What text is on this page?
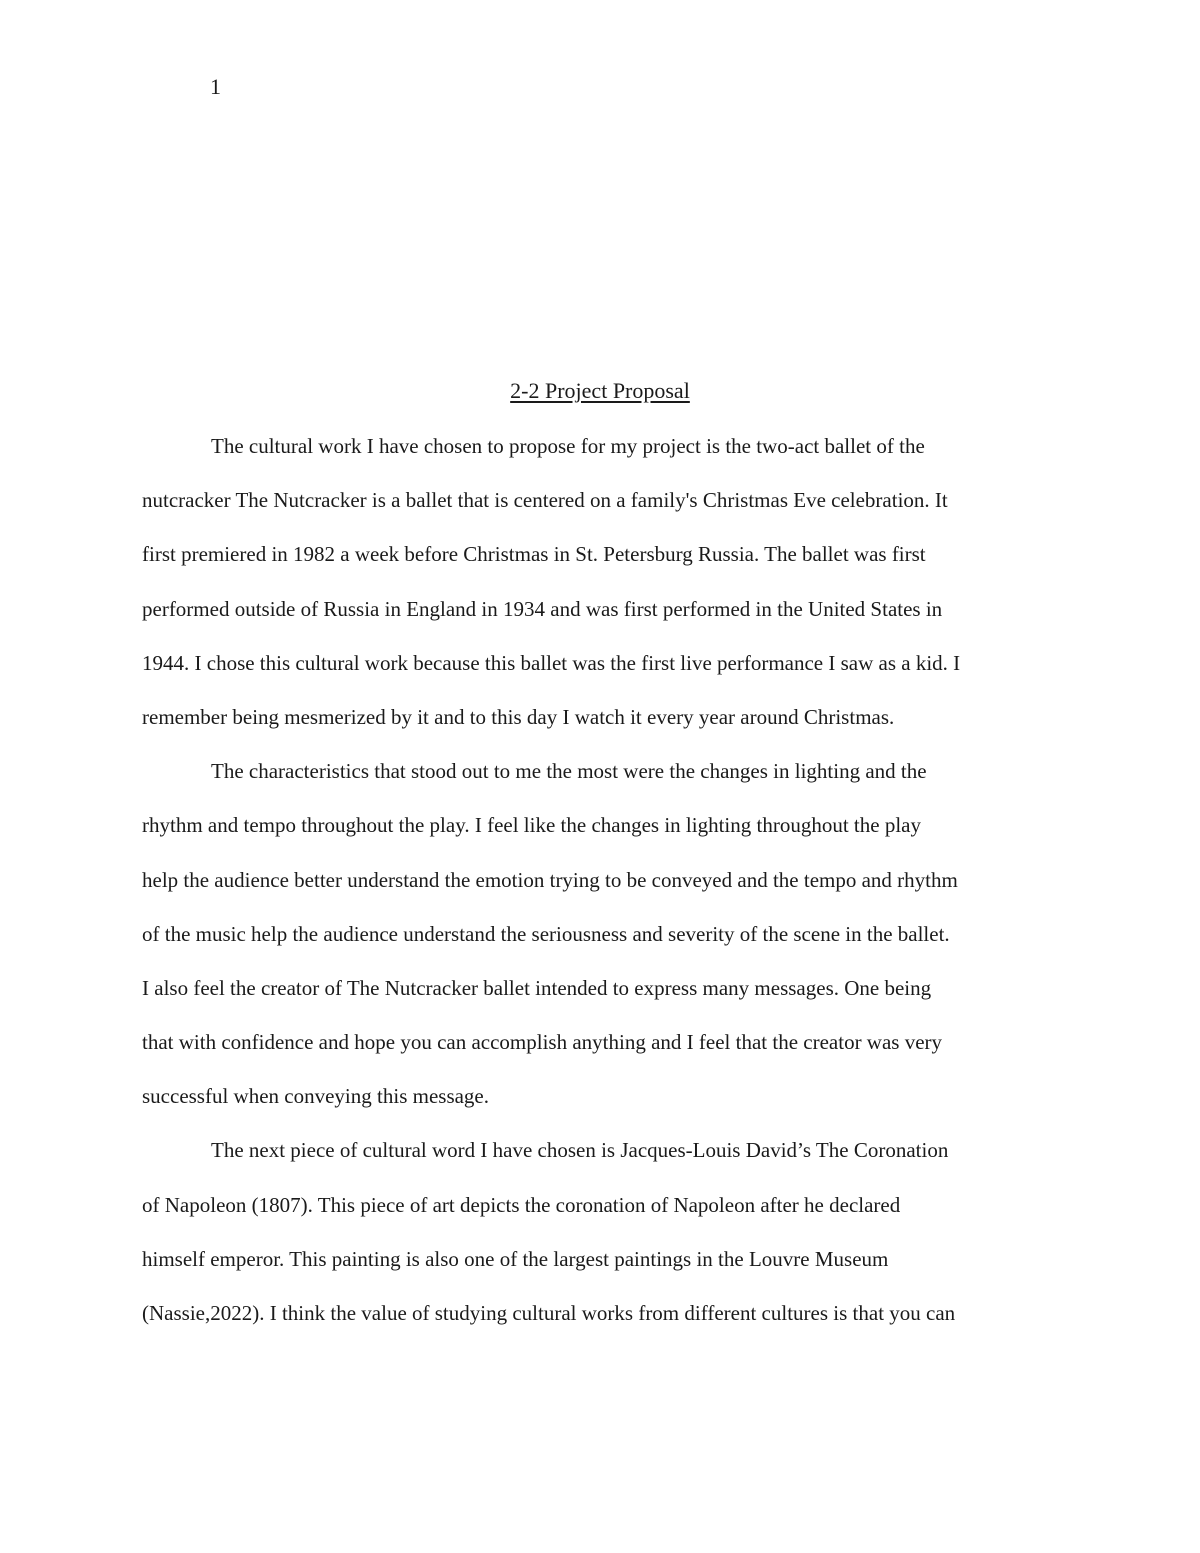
1

2-2 Project Proposal

The cultural work I have chosen to propose for my project is the two-act ballet of the

nutcracker The Nutcracker is a ballet that is centered on a family's Christmas Eve celebration. It

first premiered in 1982 a week before Christmas in St. Petersburg Russia. The ballet was first

performed outside of Russia in England in 1934 and was first performed in the United States in

1944. I chose this cultural work because this ballet was the first live performance I saw as a kid. I

remember being mesmerized by it and to this day I watch it every year around Christmas.

The characteristics that stood out to me the most were the changes in lighting and the

rhythm and tempo throughout the play. I feel like the changes in lighting throughout the play

help the audience better understand the emotion trying to be conveyed and the tempo and rhythm

of the music help the audience understand the seriousness and severity of the scene in the ballet.

I also feel the creator of The Nutcracker ballet intended to express many messages. One being

that with confidence and hope you can accomplish anything and I feel that the creator was very

successful when conveying this message.

The next piece of cultural word I have chosen is Jacques-Louis David’s The Coronation

of Napoleon (1807). This piece of art depicts the coronation of Napoleon after he declared

himself emperor. This painting is also one of the largest paintings in the Louvre Museum

(Nassie,2022). I think the value of studying cultural works from different cultures is that you can
